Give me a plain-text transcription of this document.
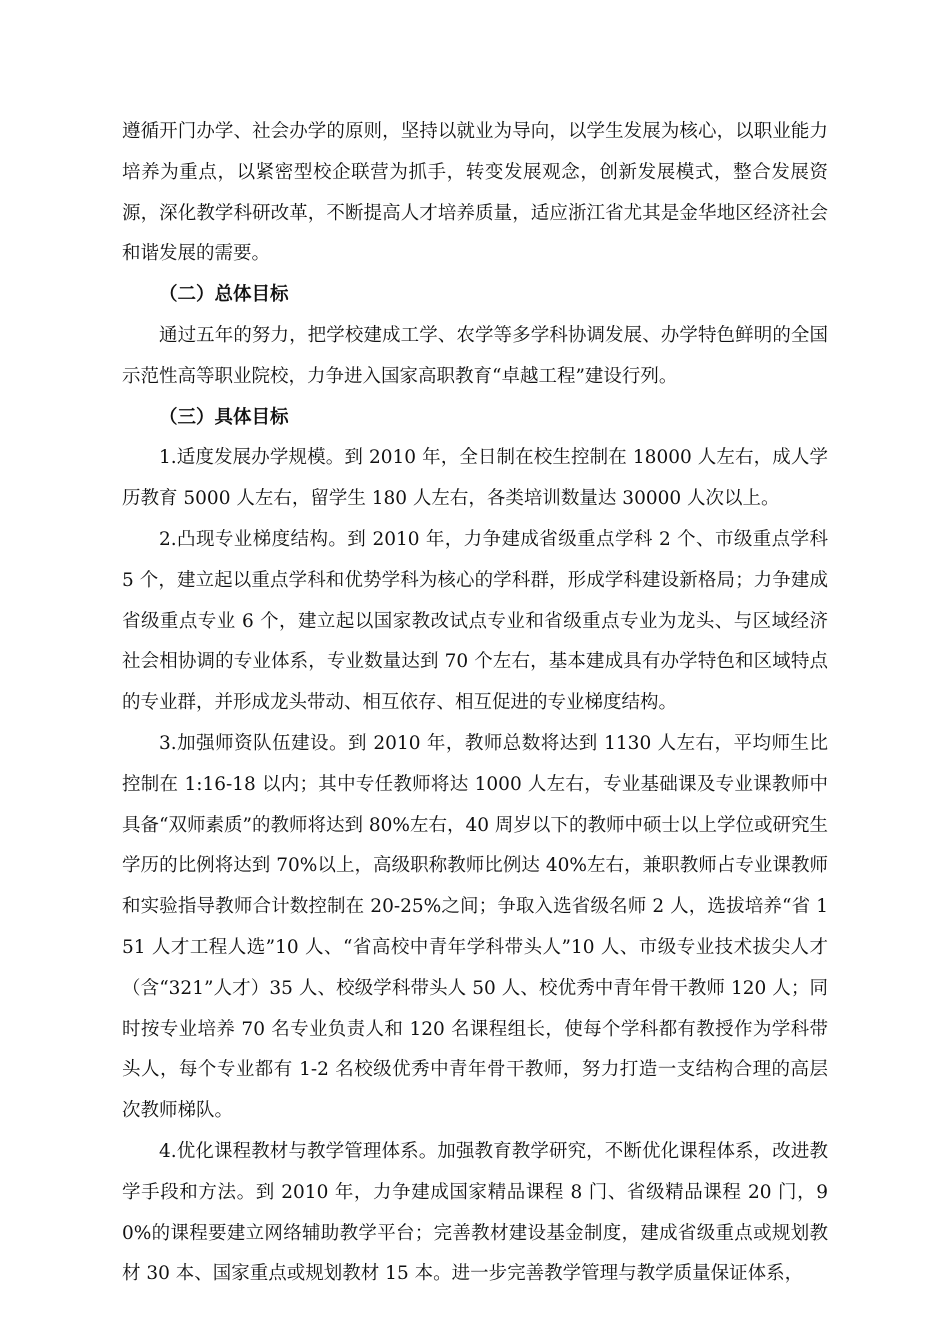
遵循开门办学、社会办学的原则，坚持以就业为导向，以学生发展为核心，以职业能力培养为重点，以紧密型校企联营为抓手，转变发展观念，创新发展模式，整合发展资源，深化教学科研改革，不断提高人才培养质量，适应浙江省尤其是金华地区经济社会和谐发展的需要。

（二）总体目标

通过五年的努力，把学校建成工学、农学等多学科协调发展、办学特色鲜明的全国示范性高等职业院校，力争进入国家高职教育“卓越工程”建设行列。

（三）具体目标

1.适度发展办学规模。到 2010 年，全日制在校生控制在 18000 人左右，成人学历教育 5000 人左右，留学生 180 人左右，各类培训数量达 30000 人次以上。

2.凸现专业梯度结构。到 2010 年，力争建成省级重点学科 2 个、市级重点学科 5 个，建立起以重点学科和优势学科为核心的学科群，形成学科建设新格局；力争建成省级重点专业 6 个，建立起以国家教改试点专业和省级重点专业为龙头、与区域经济社会相协调的专业体系，专业数量达到 70 个左右，基本建成具有办学特色和区域特点的专业群，并形成龙头带动、相互依存、相互促进的专业梯度结构。

3.加强师资队伍建设。到 2010 年，教师总数将达到 1130 人左右，平均师生比控制在 1:16-18 以内；其中专任教师将达 1000 人左右，专业基础课及专业课教师中具备“双师素质”的教师将达到 80%左右，40 周岁以下的教师中硕士以上学位或研究生学历的比例将达到 70%以上，高级职称教师比例达 40%左右，兼职教师占专业课教师和实验指导教师合计数控制在 20-25%之间；争取入选省级名师 2 人，选拔培养“省 151 人才工程人选”10 人、“省高校中青年学科带头人”10 人、市级专业技术拔尖人才（含“321”人才）35 人、校级学科带头人 50 人、校优秀中青年骨干教师 120 人；同时按专业培养 70 名专业负责人和 120 名课程组长，使每个学科都有教授作为学科带头人，每个专业都有 1-2 名校级优秀中青年骨干教师，努力打造一支结构合理的高层次教师梯队。

4.优化课程教材与教学管理体系。加强教育教学研究，不断优化课程体系，改进教学手段和方法。到 2010 年，力争建成国家精品课程 8 门、省级精品课程 20 门，90%的课程要建立网络辅助教学平台；完善教材建设基金制度，建成省级重点或规划教材 30 本、国家重点或规划教材 15 本。进一步完善教学管理与教学质量保证体系，
